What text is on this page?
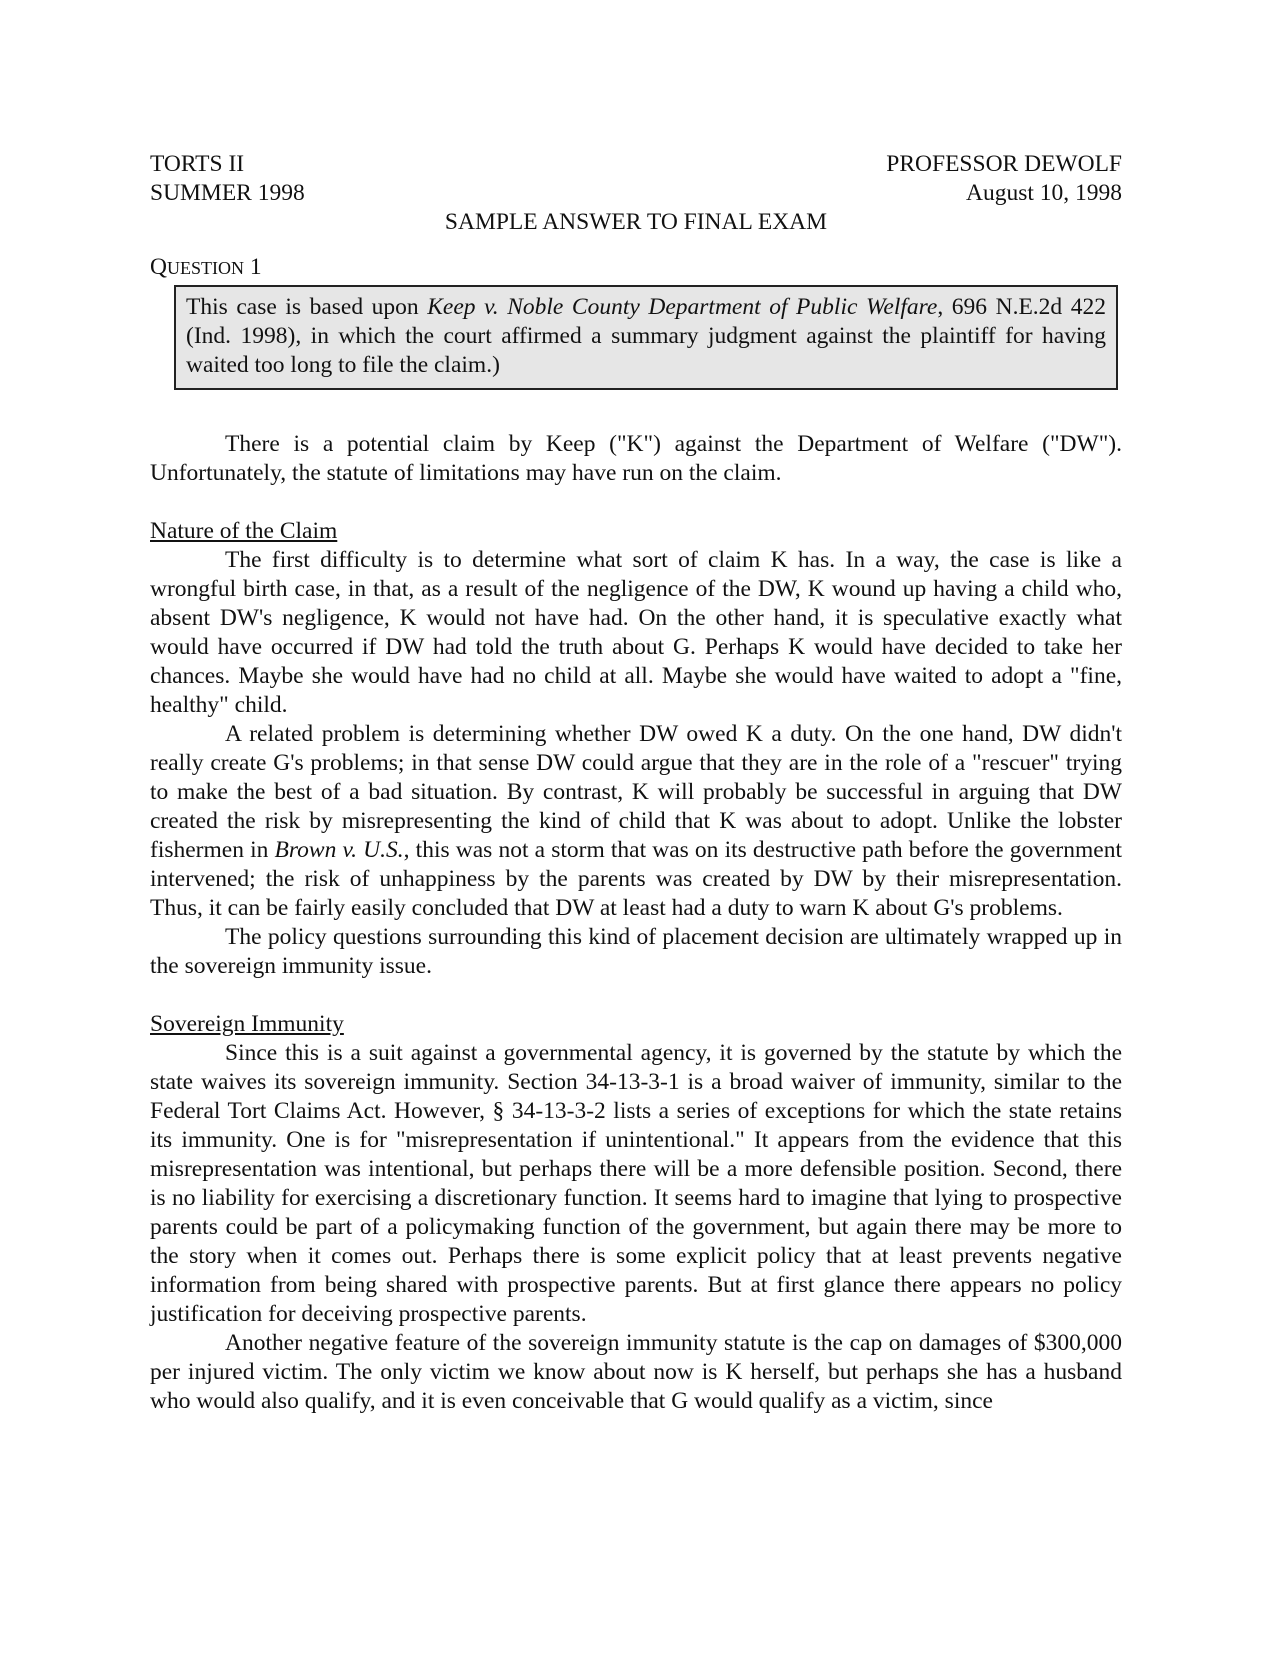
TORTS II	PROFESSOR DEWOLF
SUMMER 1998	August 10, 1998
SAMPLE ANSWER TO FINAL EXAM
QUESTION 1
This case is based upon Keep v. Noble County Department of Public Welfare, 696 N.E.2d 422 (Ind. 1998), in which the court affirmed a summary judgment against the plaintiff for having waited too long to file the claim.)

There is a potential claim by Keep ("K") against the Department of Welfare ("DW"). Unfortunately, the statute of limitations may have run on the claim.

Nature of the Claim

The first difficulty is to determine what sort of claim K has. In a way, the case is like a wrongful birth case, in that, as a result of the negligence of the DW, K wound up having a child who, absent DW's negligence, K would not have had. On the other hand, it is speculative exactly what would have occurred if DW had told the truth about G. Perhaps K would have decided to take her chances. Maybe she would have had no child at all. Maybe she would have waited to adopt a "fine, healthy" child.

A related problem is determining whether DW owed K a duty. On the one hand, DW didn't really create G's problems; in that sense DW could argue that they are in the role of a "rescuer" trying to make the best of a bad situation. By contrast, K will probably be successful in arguing that DW created the risk by misrepresenting the kind of child that K was about to adopt. Unlike the lobster fishermen in Brown v. U.S., this was not a storm that was on its destructive path before the government intervened; the risk of unhappiness by the parents was created by DW by their misrepresentation. Thus, it can be fairly easily concluded that DW at least had a duty to warn K about G's problems.

The policy questions surrounding this kind of placement decision are ultimately wrapped up in the sovereign immunity issue.

Sovereign Immunity

Since this is a suit against a governmental agency, it is governed by the statute by which the state waives its sovereign immunity. Section 34-13-3-1 is a broad waiver of immunity, similar to the Federal Tort Claims Act. However, § 34-13-3-2 lists a series of exceptions for which the state retains its immunity. One is for "misrepresentation if unintentional." It appears from the evidence that this misrepresentation was intentional, but perhaps there will be a more defensible position. Second, there is no liability for exercising a discretionary function. It seems hard to imagine that lying to prospective parents could be part of a policymaking function of the government, but again there may be more to the story when it comes out. Perhaps there is some explicit policy that at least prevents negative information from being shared with prospective parents. But at first glance there appears no policy justification for deceiving prospective parents.

Another negative feature of the sovereign immunity statute is the cap on damages of $300,000 per injured victim. The only victim we know about now is K herself, but perhaps she has a husband who would also qualify, and it is even conceivable that G would qualify as a victim, since
